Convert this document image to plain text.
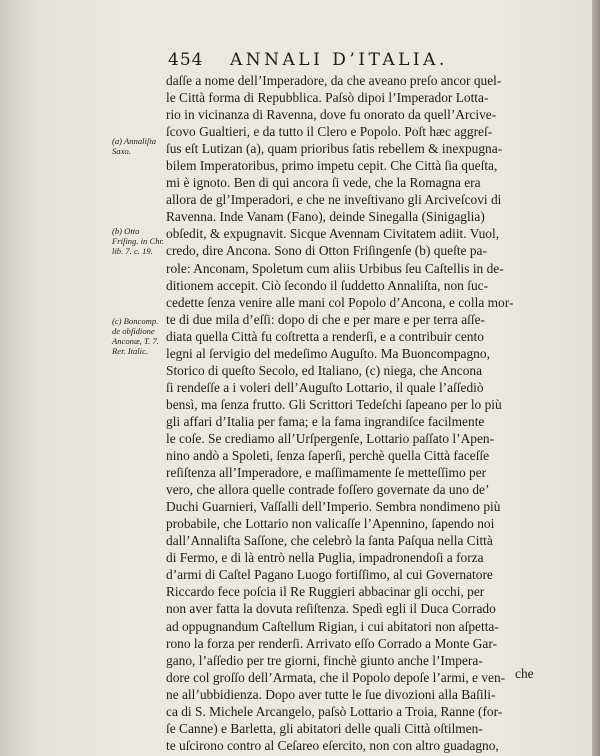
454 ANNALI D’ITALIA.
daſſe a nome dell’Imperadore, da che aveano preſo ancor quel-
le Città forma di Repubblica. Paſsò dipoi l’Imperador Lotta-
rio in vicinanza di Ravenna, dove fu onorato da quell’Arcive-
ſcovo Gualtieri, e da tutto il Clero e Popolo. Poſt hæc aggreſ-
ſus eſt Lutizan (a), quam prioribus ſatis rebellem & inexpugna-
bilem Imperatoribus, primo impetu cepit. Che Città ſia queſta,
mi è ignoto. Ben di qui ancora ſi vede, che la Romagna era
allora de gl’Imperadori, e che ne inveſtivano gli Arciveſcovi di
Ravenna. Inde Vanam (Fano), deinde Sinegalla (Sinigaglia)
obſedit, & expugnavit. Sicque Avennam Civitatem adiit. Vuol,
credo, dire Ancona. Sono di Otton Friſingenſe (b) queſte pa-
role: Anconam, Spoletum cum aliis Urbibus ſeu Caſtellis in de-
ditionem accepit. Ciò ſecondo il ſuddetto Annaliſta, non ſuc-
cedette ſenza venire alle mani col Popolo d’Ancona, e colla mor-
te di due mila d’eſſi: dopo di che e per mare e per terra aſſe-
diata quella Città fu coſtretta a renderſi, e a contribuir cento
legni al ſervigio del medeſimo Auguſto. Ma Buoncompagno,
Storico di queſto Secolo, ed Italiano, (c) niega, che Ancona
ſi rendeſſe a i voleri dell’Auguſto Lottario, il quale l’aſſediò
bensì, ma ſenza frutto. Gli Scrittori Tedeſchi ſapeano per lo più
gli affari d’Italia per fama; e la fama ingrandiſce facilmente
le coſe. Se crediamo all’Urſpergenſe, Lottario paſſato l’Apen-
nino andò a Spoleti, ſenza ſaperſi, perchè quella Città faceſſe
reſiſtenza all’Imperadore, e maſſimamente ſe metteſſimo per
vero, che allora quelle contrade foſſero governate da uno de’
Duchi Guarnieri, Vaſſalli dell’Imperio. Sembra nondimeno più
probabile, che Lottario non valicaſſe l’Apennino, ſapendo noi
dall’Annaliſta Saſſone, che celebrò la ſanta Paſqua nella Città
di Fermo, e di là entrò nella Puglia, impadronendoſi a forza
d’armi di Caſtel Pagano Luogo fortiſſimo, al cui Governatore
Riccardo fece poſcia il Re Ruggieri abbacinar gli occhi, per
non aver fatta la dovuta reſiſtenza. Spedì egli il Duca Corrado
ad oppugnandum Caſtellum Rigian, i cui abitatori non aſpetta-
rono la forza per renderſi. Arrivato eſſo Corrado a Monte Gar-
gano, l’aſſedio per tre giorni, finchè giunto anche l’Impera-
dore col groſſo dell’Armata, che il Popolo depoſe l’armi, e ven-
ne all’ubbidienza. Dopo aver tutte le ſue divozioni alla Baſili-
ca di S. Michele Arcangelo, paſsò Lottario a Troia, Ranne (for-
ſe Canne) e Barletta, gli abitatori delle quali Città oſtilmen-
te uſcirono contro al Ceſareo eſercito, non con altro guadagno,
(a) Annaliſta Saxo.
(b) Otto Friſing. in Chr. lib. 7. c. 19.
(c) Boncomp. de obſidione Anconæ, T. 7. Rer. Italic.
che
